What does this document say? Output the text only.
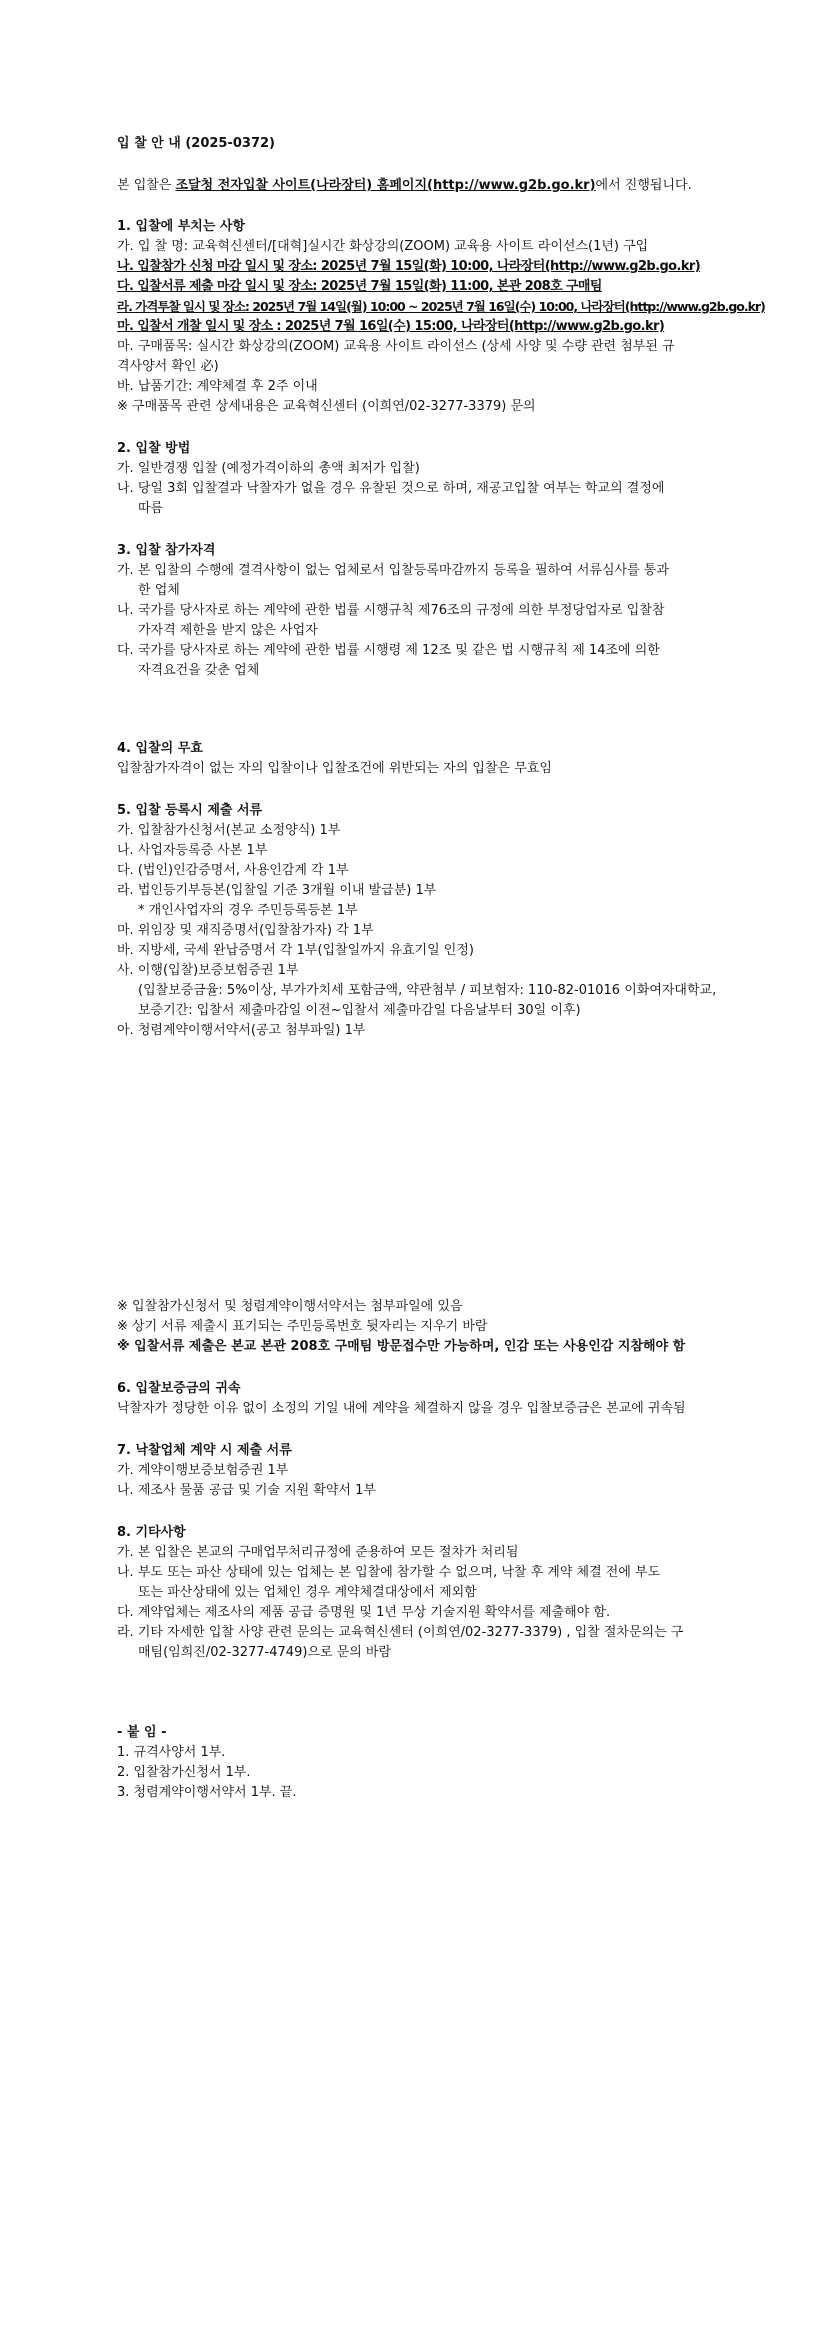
입 찰 안 내 (2025-0372)
본 입찰은 조달청 전자입찰 사이트(나라장터) 홈페이지(http://www.g2b.go.kr)에서 진행됩니다.
1. 입찰에 부치는 사항
가. 입 찰 명: 교육혁신센터/[대혁]실시간 화상강의(ZOOM) 교육용 사이트 라이선스(1년) 구입
나. 입찰참가 신청 마감 일시 및 장소: 2025년 7월 15일(화) 10:00, 나라장터(http://www.g2b.go.kr)
다. 입찰서류 제출 마감 일시 및 장소: 2025년 7월 15일(화) 11:00, 본관 208호 구매팀
라. 가격투찰 일시 및 장소: 2025년 7월 14일(월) 10:00 ~ 2025년 7월 16일(수) 10:00, 나라장터(http://www.g2b.go.kr)
마. 입찰서 개찰 일시 및 장소 : 2025년 7월 16일(수) 15:00, 나라장터(http://www.g2b.go.kr)
마. 구매품목: 실시간 화상강의(ZOOM) 교육용 사이트 라이선스 (상세 사양 및 수량 관련 첨부된 규
격사양서 확인 必)
바. 납품기간: 계약체결 후 2주 이내
※ 구매품목 관련 상세내용은 교육혁신센터 (이희연/02-3277-3379) 문의
2. 입찰 방법
가. 일반경쟁 입찰 (예정가격이하의 총액 최저가 입찰)
나. 당일 3회 입찰결과 낙찰자가 없을 경우 유찰된 것으로 하며, 재공고입찰 여부는 학교의 결정에
따름
3. 입찰 참가자격
가. 본 입찰의 수행에 결격사항이 없는 업체로서 입찰등록마감까지 등록을 필하여 서류심사를 통과
한 업체
나. 국가를 당사자로 하는 계약에 관한 법률 시행규칙 제76조의 규정에 의한 부정당업자로 입찰참
가자격 제한을 받지 않은 사업자
다. 국가를 당사자로 하는 계약에 관한 법률 시행령 제 12조 및 같은 법 시행규칙 제 14조에 의한
자격요건을 갖춘 업체
4. 입찰의 무효
입찰참가자격이 없는 자의 입찰이나 입찰조건에 위반되는 자의 입찰은 무효임
5. 입찰 등록시 제출 서류
가. 입찰참가신청서(본교 소정양식) 1부
나. 사업자등록증 사본 1부
다. (법인)인감증명서, 사용인감계 각 1부
라. 법인등기부등본(입찰일 기준 3개월 이내 발급분) 1부
* 개인사업자의 경우 주민등록등본 1부
마. 위임장 및 재직증명서(입찰참가자) 각 1부
바. 지방세, 국세 완납증명서 각 1부(입찰일까지 유효기일 인정)
사. 이행(입찰)보증보험증권 1부
(입찰보증금율: 5%이상, 부가가치세 포함금액, 약관첨부 / 피보험자: 110-82-01016 이화여자대학교,
보증기간: 입찰서 제출마감일 이전~입찰서 제출마감일 다음날부터 30일 이후)
아. 청렴계약이행서약서(공고 첨부파일) 1부
※ 입찰참가신청서 및 청렴계약이행서약서는 첨부파일에 있음
※ 상기 서류 제출시 표기되는 주민등록번호 뒷자리는 지우기 바람
※ 입찰서류 제출은 본교 본관 208호 구매팀 방문접수만 가능하며, 인감 또는 사용인감 지참해야 함
6. 입찰보증금의 귀속
낙찰자가 정당한 이유 없이 소정의 기일 내에 계약을 체결하지 않을 경우 입찰보증금은 본교에 귀속됨
7. 낙찰업체 계약 시 제출 서류
가. 계약이행보증보험증권 1부
나. 제조사 물품 공급 및 기술 지원 확약서 1부
8. 기타사항
가. 본 입찰은 본교의 구매업무처리규정에 준용하여 모든 절차가 처리됨
나. 부도 또는 파산 상태에 있는 업체는 본 입찰에 참가할 수 없으며, 낙찰 후 계약 체결 전에 부도
또는 파산상태에 있는 업체인 경우 계약체결대상에서 제외함
다. 계약업체는 제조사의 제품 공급 증명원 및 1년 무상 기술지원 확약서를 제출해야 함.
라. 기타 자세한 입찰 사양 관련 문의는 교육혁신센터 (이희연/02-3277-3379) , 입찰 절차문의는 구
매팀(임희진/02-3277-4749)으로 문의 바람
- 붙 임 -
1. 규격사양서 1부.
2. 입찰참가신청서 1부.
3. 청렴계약이행서약서 1부. 끝.
